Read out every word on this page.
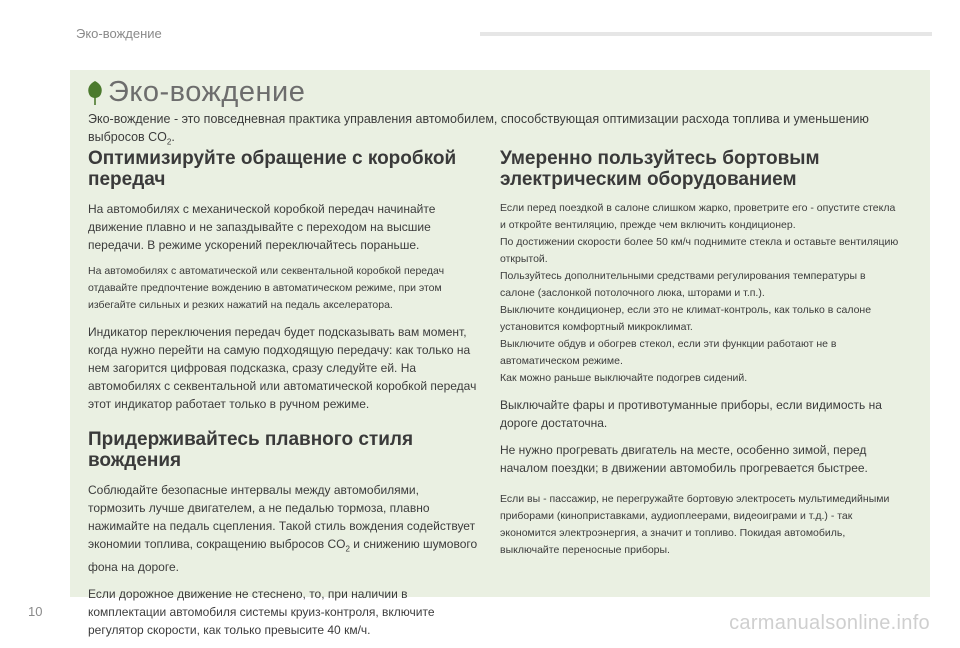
Эко-вождение
Эко-вождение
Эко-вождение - это повседневная практика управления автомобилем, способствующая оптимизации расхода топлива и уменьшению выбросов $CO_2$.
Оптимизируйте обращение с коробкой передач

На автомобилях с механической коробкой передач начинайте движение плавно и не запаздывайте с переходом на высшие передачи. В режиме ускорений переключайтесь пораньше.

На автомобилях с автоматической или секвентальной коробкой передач отдавайте предпочтение вождению в автоматическом режиме, при этом избегайте сильных и резких нажатий на педаль акселератора.

Индикатор переключения передач будет подсказывать вам момент, когда нужно перейти на самую подходящую передачу: как только на нем загорится цифровая подсказка, сразу следуйте ей. На автомобилях с секвентальной или автоматической коробкой передач этот индикатор работает только в ручном режиме.

Придерживайтесь плавного стиля вождения

Соблюдайте безопасные интервалы между автомобилями, тормозить лучше двигателем, а не педалью тормоза, плавно нажимайте на педаль сцепления. Такой стиль вождения содействует экономии топлива, сокращению выбросов $CO_2$ и снижению шумового фона на дороге.

Если дорожное движение не стеснено, то, при наличии в комплектации автомобиля системы круиз-контроля, включите регулятор скорости, как только превысите 40 км/ч.

Умеренно пользуйтесь бортовым электрическим оборудованием

Если перед поездкой в салоне слишком жарко, проветрите его - опустите стекла и откройте вентиляцию, прежде чем включить кондиционер.
По достижении скорости более 50 км/ч поднимите стекла и оставьте вентиляцию открытой.
Пользуйтесь дополнительными средствами регулирования температуры в салоне (заслонкой потолочного люка, шторами и т.п.).
Выключите кондиционер, если это не климат-контроль, как только в салоне установится комфортный микроклимат.
Выключите обдув и обогрев стекол, если эти функции работают не в автоматическом режиме.
Как можно раньше выключайте подогрев сидений.

Выключайте фары и противотуманные приборы, если видимость на дороге достаточна.

Не нужно прогревать двигатель на месте, особенно зимой, перед началом поездки; в движении автомобиль прогревается быстрее.

Если вы - пассажир, не перегружайте бортовую электросеть мультимедийными приборами (киноприставками, аудиоплеерами, видеоиграми и т.д.) - так экономится электроэнергия, а значит и топливо. Покидая автомобиль, выключайте переносные приборы.

10
carmanualsonline.info
